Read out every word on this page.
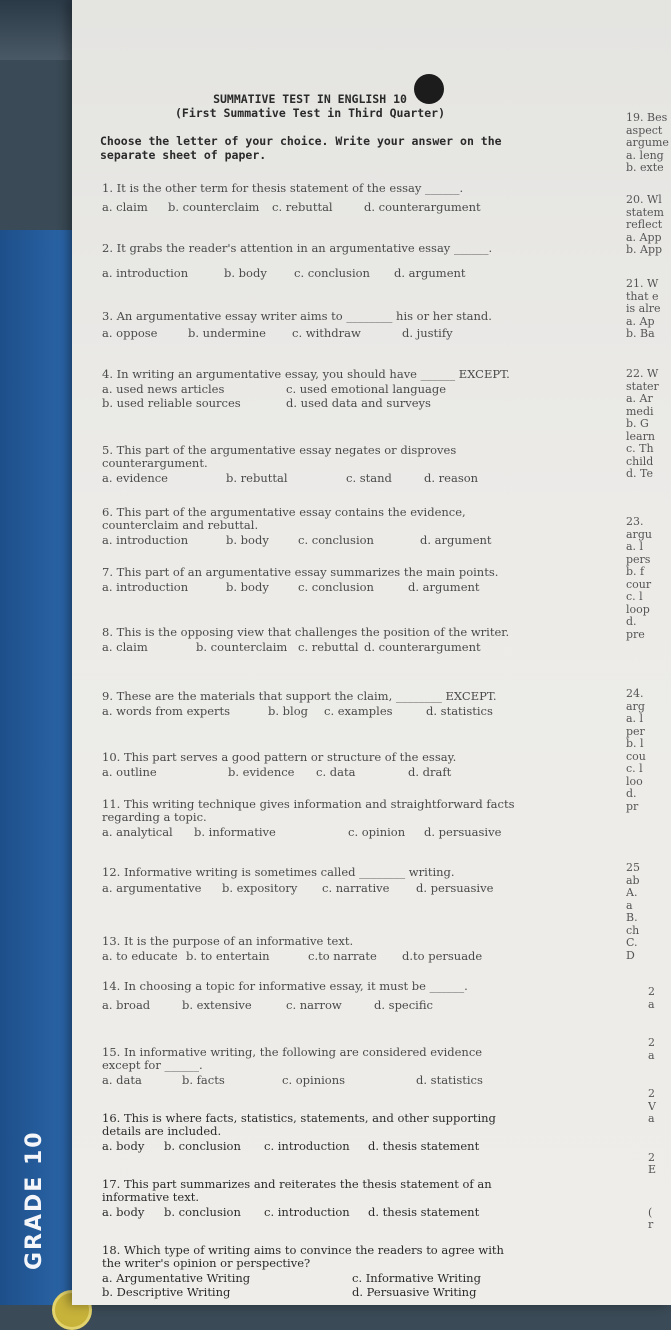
GRADE 10
SUMMATIVE TEST IN ENGLISH 10
(First Summative Test in Third Quarter)
Choose the letter of your choice. Write your answer on the separate sheet of paper.
1. It is the other term for thesis statement of the essay ______.
a. claim b. counterclaim c. rebuttal	d. counterargument
2. It grabs the reader's attention in an argumentative essay ______.
a. introduction	b. body c. conclusion d. argument
3. An argumentative essay writer aims to ________ his or her stand.
a. oppose	b. undermine c. withdraw	d. justify
4. In writing an argumentative essay, you should have ______ EXCEPT.
a. used news articles	c. used emotional language
b. used reliable sources	d. used data and surveys
5. This part of the argumentative essay negates or disproves counterargument.
a. evidence	b. rebuttal	c. stand	d. reason
6. This part of the argumentative essay contains the evidence, counterclaim and rebuttal.
a. introduction	b. body	c. conclusion	d. argument
7. This part of an argumentative essay summarizes the main points.
a. introduction	b. body	c. conclusion	d. argument
8. This is the opposing view that challenges the position of the writer.
a. claim	b. counterclaim c. rebuttal d. counterargument
9. These are the materials that support the claim, ________ EXCEPT.
a. words from experts	b. blog c. examples	d. statistics
10. This part serves a good pattern or structure of the essay.
a. outline	b. evidence c. data	d. draft
11. This writing technique gives information and straightforward facts regarding a topic.
a. analytical b. informative	c. opinion d. persuasive
12. Informative writing is sometimes called ________ writing.
a. argumentative b. expository c. narrative d. persuasive
13. It is the purpose of an informative text.
a. to educate b. to entertain	c.to narrate d.to persuade
14. In choosing a topic for informative essay, it must be ______.
a. broad	b. extensive	c. narrow	d. specific
15. In informative writing, the following are considered evidence except for ______.
a. data	b. facts	c. opinions	d. statistics
16. This is where facts, statistics, statements, and other supporting details are included.
a. body b. conclusion c. introduction d. thesis statement
17. This part summarizes and reiterates the thesis statement of an informative text.
a. body b. conclusion c. introduction d. thesis statement
18. Which type of writing aims to convince the readers to agree with the writer's opinion or perspective?
a. Argumentative Writing	c. Informative Writing
b. Descriptive Writing	d. Persuasive Writing
19. Bes
aspect
argume
a. leng
b. exte
20. Wl
statem
reflect
a. App
b. App
21. W
that e
is alre
a. Ap
b. Ba
22. W
stater
a. Ar
medi
b. G
learn
c. Th
child
d. Te
23.
argu
a. l
pers
b. f
cour
c. l
loop
d.
pre
24.
arg
a. l
per
b. l
cou
c. l
loo
d.
pr
25
ab
A.
a
B.
ch
C.
D
2
a
2
a
2
V
a
2
E
(
r
